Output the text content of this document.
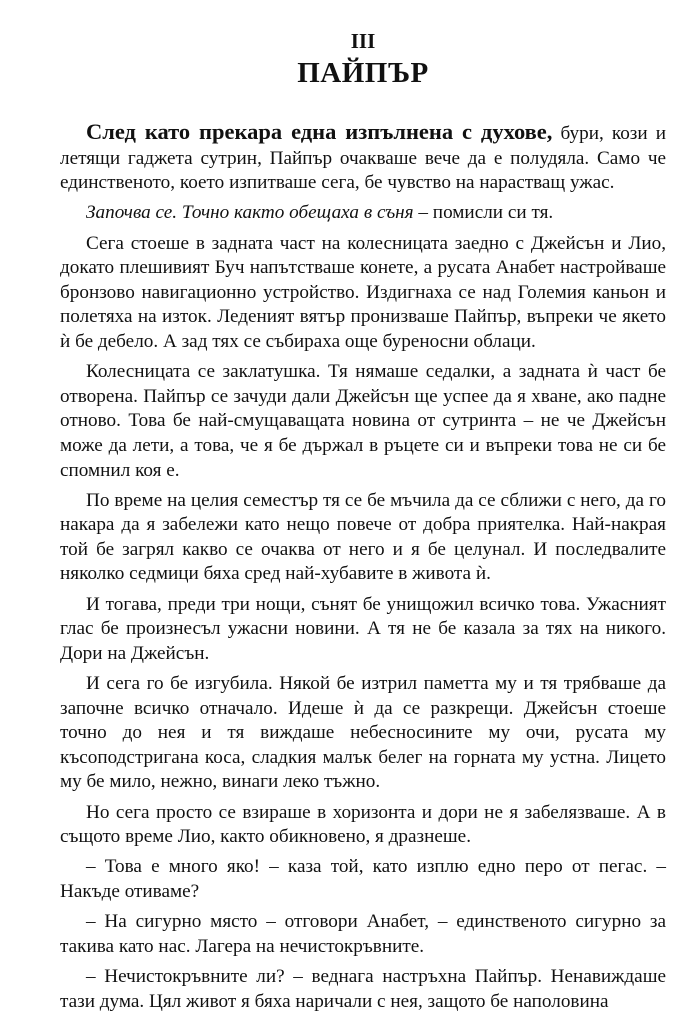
III
ПАЙПЪР

След като прекара една изпълнена с духове, бури, кози и летящи гаджета сутрин, Пайпър очакваше вече да е полудяла. Само че единственото, което изпитваше сега, бе чувство на нарастващ ужас.

Започва се. Точно както обещаха в съня – помисли си тя.

Сега стоеше в задната част на колесницата заедно с Джейсън и Лио, докато плешивият Буч напътстваше конете, а русата Анабет настройваше бронзово навигационно устройство. Издигнаха се над Големия каньон и полетяха на изток. Леденият вятър пронизваше Пайпър, въпреки че якето ѝ бе дебело. А зад тях се събираха още буреносни облаци.

Колесницата се заклатушка. Тя нямаше седалки, а задната ѝ част бе отворена. Пайпър се зачуди дали Джейсън ще успее да я хване, ако падне отново. Това бе най-смущаващата новина от сутринта – не че Джейсън може да лети, а това, че я бе държал в ръцете си и въпреки това не си бе спомнил коя е.

По време на целия семестър тя се бе мъчила да се сближи с него, да го накара да я забележи като нещо повече от добра приятелка. Най-накрая той бе загрял какво се очаква от него и я бе целунал. И последвалите няколко седмици бяха сред най-хубавите в живота ѝ.

И тогава, преди три нощи, сънят бе унищожил всичко това. Ужасният глас бе произнесъл ужасни новини. А тя не бе казала за тях на никого. Дори на Джейсън.

И сега го бе изгубила. Някой бе изтрил паметта му и тя трябваше да започне всичко отначало. Идеше ѝ да се разкрещи. Джейсън стоеше точно до нея и тя виждаше небесносините му очи, русата му късоподстригана коса, сладкия малък белег на горната му устна. Лицето му бе мило, нежно, винаги леко тъжно.

Но сега просто се взираше в хоризонта и дори не я забелязваше. А в същото време Лио, както обикновено, я дразнеше.

– Това е много яко! – каза той, като изплю едно перо от пегас. – Накъде отиваме?

– На сигурно място – отговори Анабет, – единственото сигурно за такива като нас. Лагера на нечистокръвните.

– Нечистокръвните ли? – веднага настръхна Пайпър. Ненавиждаше тази дума. Цял живот я бяха наричали с нея, защото бе наполовина
